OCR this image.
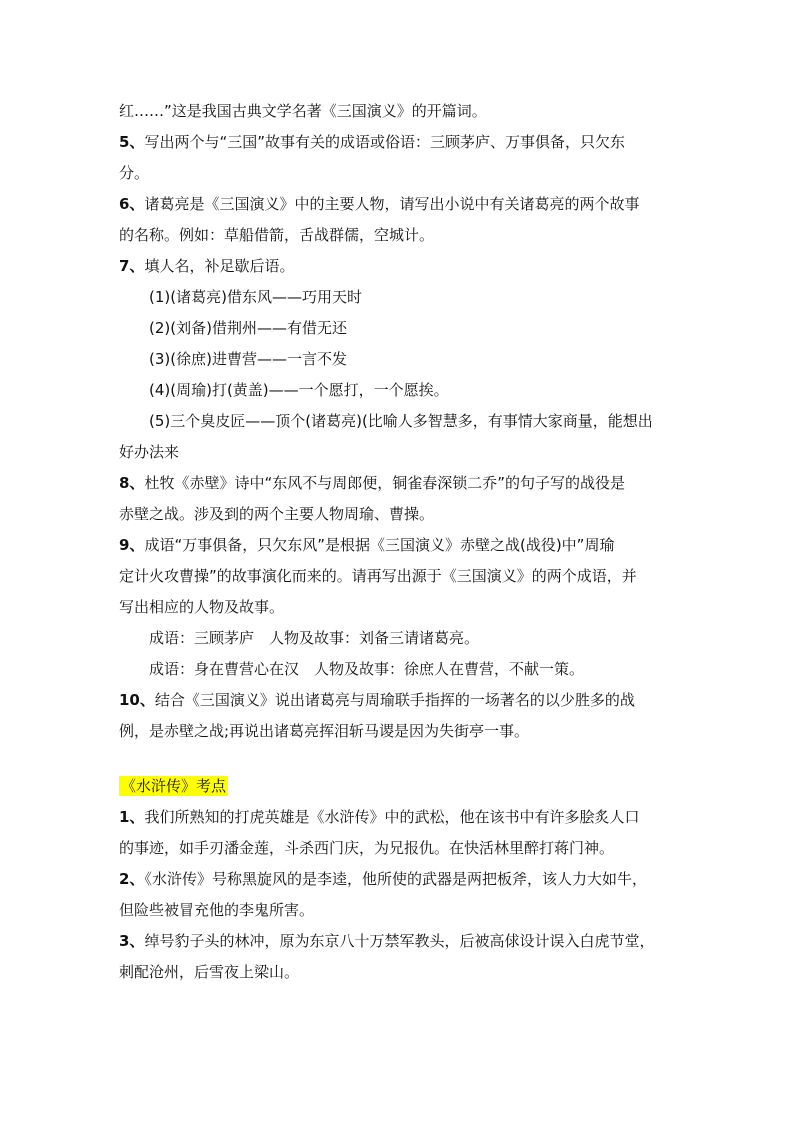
红……”这是我国古典文学名著《三国演义》的开篇词。
5、写出两个与“三国”故事有关的成语或俗语：三顾茅庐、万事俱备，只欠东
分。
6、诸葛亮是《三国演义》中的主要人物，请写出小说中有关诸葛亮的两个故事
的名称。例如：草船借箭，舌战群儒，空城计。
7、填人名，补足歇后语。
(1)(诸葛亮)借东风——巧用天时
(2)(刘备)借荆州——有借无还
(3)(徐庶)进曹营——一言不发
(4)(周瑜)打(黄盖)——一个愿打，一个愿挨。
(5)三个臭皮匠——顶个(诸葛亮)(比喻人多智慧多，有事情大家商量，能想出
好办法来
8、杜牧《赤壁》诗中“东风不与周郎便，铜雀春深锁二乔”的句子写的战役是
赤壁之战。涉及到的两个主要人物周瑜、曹操。
9、成语“万事俱备，只欠东风”是根据《三国演义》赤壁之战(战役)中”周瑜
定计火攻曹操”的故事演化而来的。请再写出源于《三国演义》的两个成语，并
写出相应的人物及故事。
成语：三顾茅庐　人物及故事：刘备三请诸葛亮。
成语：身在曹营心在汉　人物及故事：徐庶人在曹营，不献一策。
10、结合《三国演义》说出诸葛亮与周瑜联手指挥的一场著名的以少胜多的战
例，是赤壁之战;再说出诸葛亮挥泪斩马谡是因为失街亭一事。
《水浒传》考点
1、我们所熟知的打虎英雄是《水浒传》中的武松，他在该书中有许多脍炙人口
的事迹，如手刃潘金莲，斗杀西门庆，为兄报仇。在快活林里醉打蒋门神。
2、《水浒传》号称黑旋风的是李逵，他所使的武器是两把板斧，该人力大如牛，
但险些被冒充他的李鬼所害。
3、绰号豹子头的林冲，原为东京八十万禁军教头，后被高俅设计误入白虎节堂，
刺配沧州，后雪夜上梁山。
